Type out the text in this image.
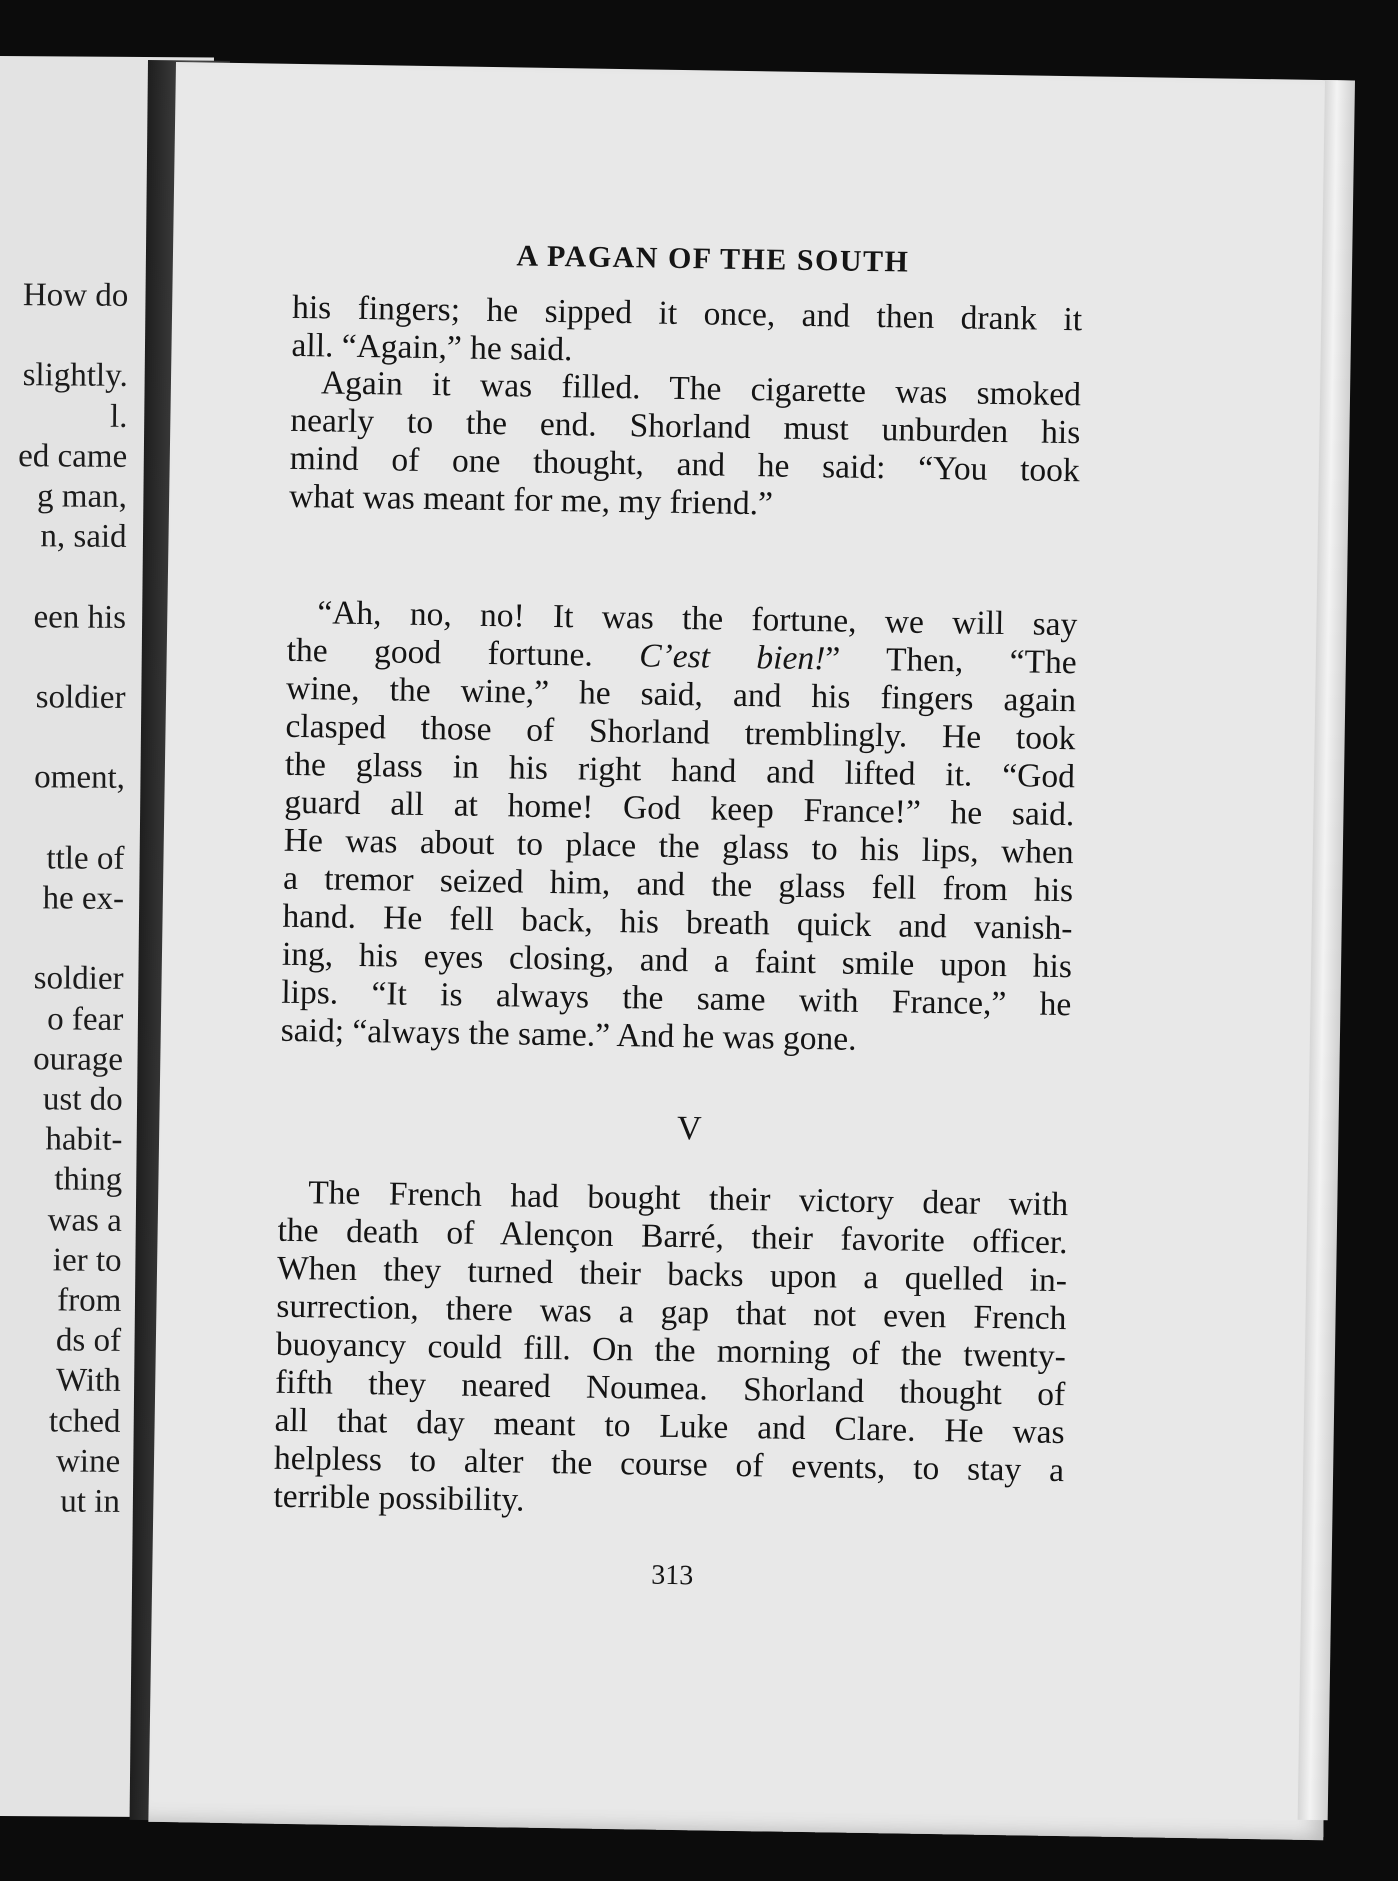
How do
slightly.
l.
ed came
g man,
n, said
een his
soldier
oment,
ttle of
he ex-
soldier
o fear
ourage
ust do
habit-
thing
was a
ier to
from
ds of
With
tched
wine
ut in
A PAGAN OF THE SOUTH
his fingers; he sipped it once, and then drank it
all. “Again,” he said.
Again it was filled. The cigarette was smoked
nearly to the end. Shorland must unburden his
mind of one thought, and he said: “You took
what was meant for me, my friend.”
“Ah, no, no! It was the fortune, we will say
the good fortune. C’est bien!” Then, “The
wine, the wine,” he said, and his fingers again
clasped those of Shorland tremblingly. He took
the glass in his right hand and lifted it. “God
guard all at home! God keep France!” he said.
He was about to place the glass to his lips, when
a tremor seized him, and the glass fell from his
hand. He fell back, his breath quick and vanish-
ing, his eyes closing, and a faint smile upon his
lips. “It is always the same with France,” he
said; “always the same.” And he was gone.
V
The French had bought their victory dear with
the death of Alençon Barré, their favorite officer.
When they turned their backs upon a quelled in-
surrection, there was a gap that not even French
buoyancy could fill. On the morning of the twenty-
fifth they neared Noumea. Shorland thought of
all that day meant to Luke and Clare. He was
helpless to alter the course of events, to stay a
terrible possibility.
313
